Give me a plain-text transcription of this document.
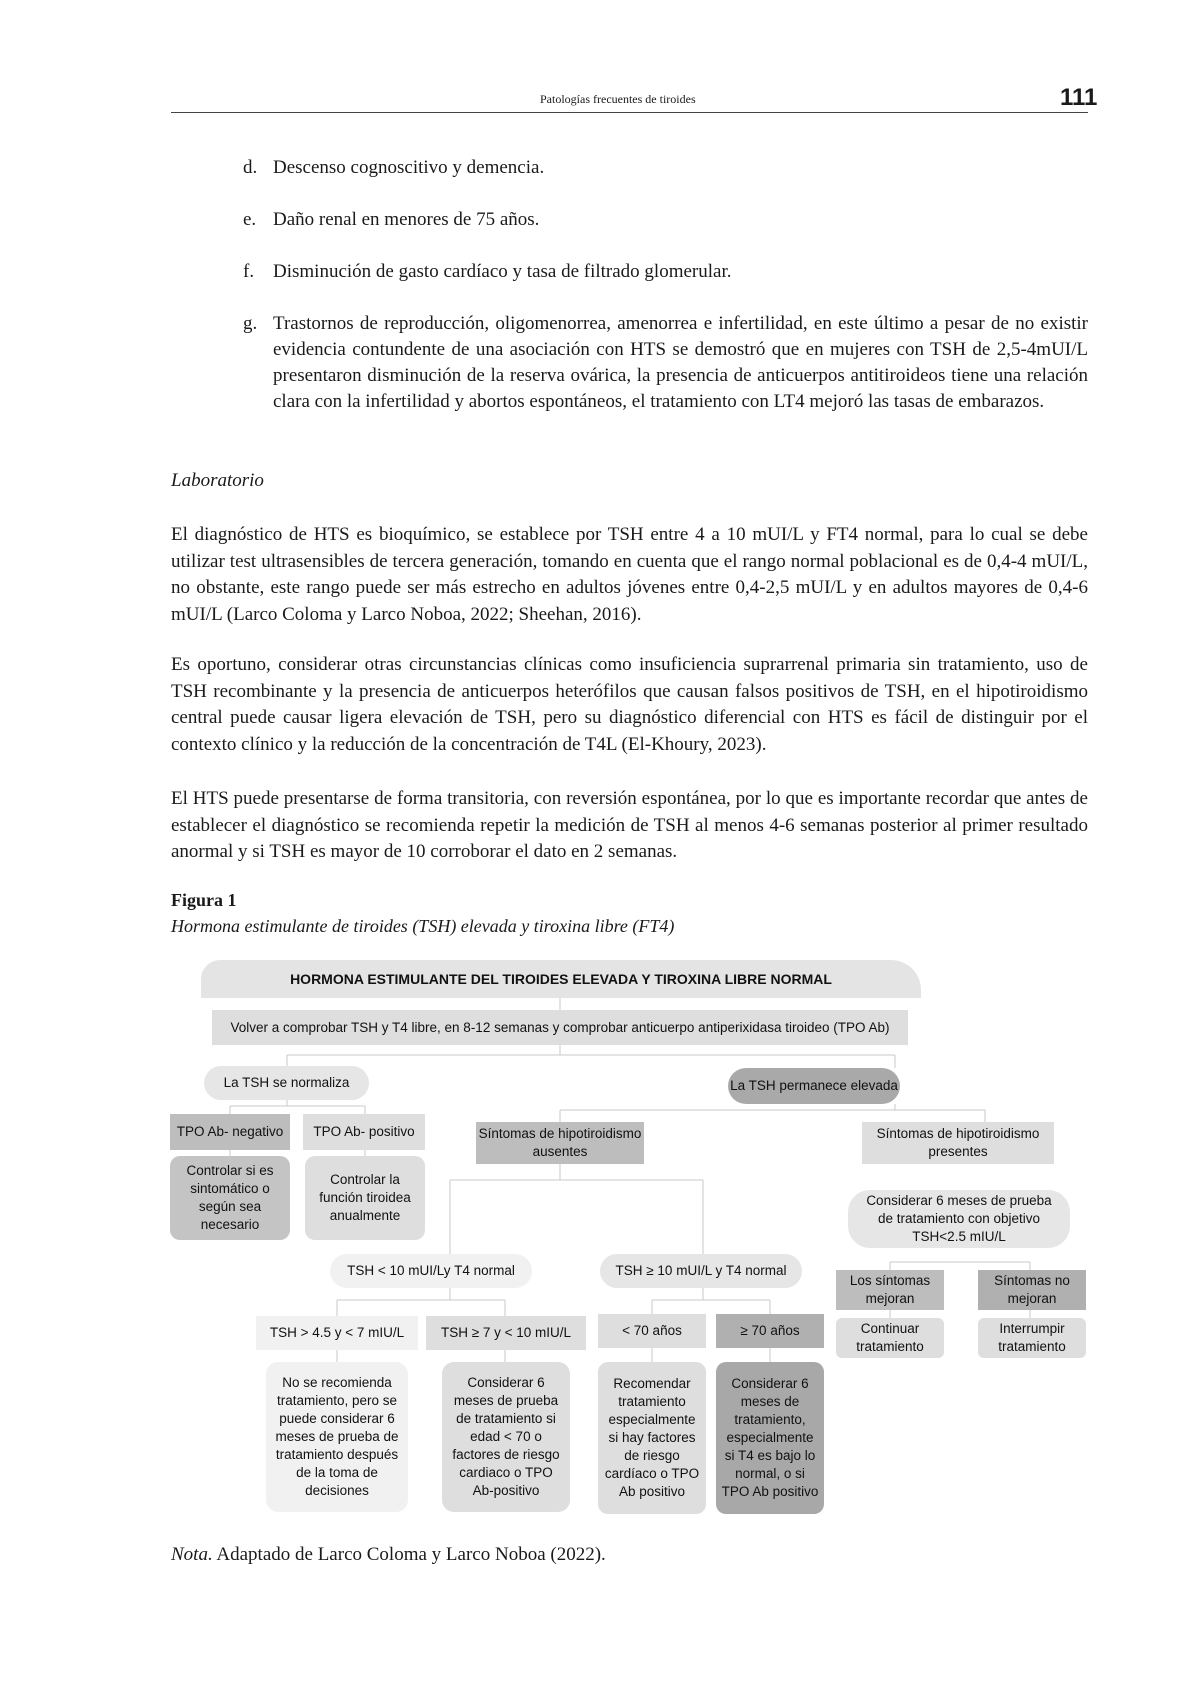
Patologías frecuentes de tiroides	111
d. Descenso cognoscitivo y demencia.
e. Daño renal en menores de 75 años.
f. Disminución de gasto cardíaco y tasa de filtrado glomerular.
g. Trastornos de reproducción, oligomenorrea, amenorrea e infertilidad, en este último a pesar de no existir evidencia contundente de una asociación con HTS se demostró que en mujeres con TSH de 2,5-4mUI/L presentaron disminución de la reserva ovárica, la presencia de anticuerpos antitiroideos tiene una relación clara con la infertilidad y abortos espontáneos, el tratamiento con LT4 mejoró las tasas de embarazos.
Laboratorio
El diagnóstico de HTS es bioquímico, se establece por TSH entre 4 a 10 mUI/L y FT4 normal, para lo cual se debe utilizar test ultrasensibles de tercera generación, tomando en cuenta que el rango normal poblacional es de 0,4-4 mUI/L, no obstante, este rango puede ser más estrecho en adultos jóvenes entre 0,4-2,5 mUI/L y en adultos mayores de 0,4-6 mUI/L (Larco Coloma y Larco Noboa, 2022; Sheehan, 2016).
Es oportuno, considerar otras circunstancias clínicas como insuficiencia suprarrenal primaria sin tratamiento, uso de TSH recombinante y la presencia de anticuerpos heterófilos que causan falsos positivos de TSH, en el hipotiroidismo central puede causar ligera elevación de TSH, pero su diagnóstico diferencial con HTS es fácil de distinguir por el contexto clínico y la reducción de la concentración de T4L (El-Khoury, 2023).
El HTS puede presentarse de forma transitoria, con reversión espontánea, por lo que es importante recordar que antes de establecer el diagnóstico se recomienda repetir la medición de TSH al menos 4-6 semanas posterior al primer resultado anormal y si TSH es mayor de 10 corroborar el dato en 2 semanas.
Figura 1
Hormona estimulante de tiroides (TSH) elevada y tiroxina libre (FT4)
HORMONA ESTIMULANTE DEL TIROIDES ELEVADA Y TIROXINA LIBRE NORMAL
Volver a comprobar TSH y T4 libre, en 8-12 semanas y comprobar anticuerpo antiperixidasa tiroideo (TPO Ab)
La TSH se normaliza	La TSH permanece elevada
TPO Ab- negativo	TPO Ab- positivo
Controlar si es sintomático o según sea necesario
Controlar la función tiroidea anualmente
Síntomas de hipotiroidismo ausentes
Síntomas de hipotiroidismo presentes
Considerar 6 meses de prueba de tratamiento con objetivo TSH<2.5 mIU/L
TSH < 10 mUI/Ly T4 normal	TSH ≥ 10 mUI/L y T4 normal
Los síntomas mejoran
Síntomas no mejoran
Continuar tratamiento
Interrumpir tratamiento
TSH > 4.5 y < 7 mIU/L	TSH ≥ 7 y < 10 mIU/L	< 70 años	≥ 70 años
No se recomienda tratamiento, pero se puede considerar 6 meses de prueba de tratamiento después de la toma de decisiones
Considerar 6 meses de prueba de tratamiento si edad < 70 o factores de riesgo cardiaco o TPO Ab-positivo
Recomendar tratamiento especialmente si hay factores de riesgo cardíaco o TPO Ab positivo
Considerar 6 meses de tratamiento, especialmente si T4 es bajo lo normal, o si TPO Ab positivo
Nota. Adaptado de Larco Coloma y Larco Noboa (2022).
